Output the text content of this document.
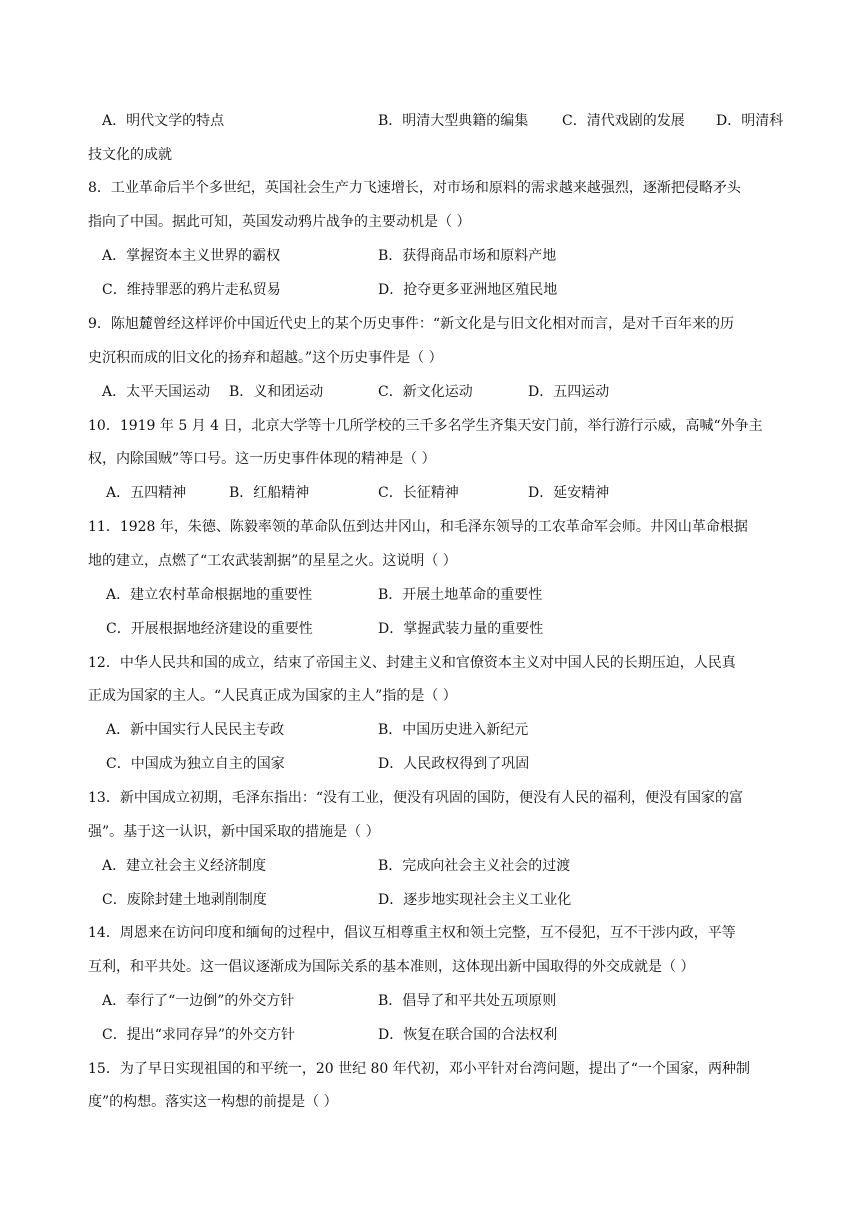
A．明代文学的特点	B．明清大型典籍的编集 C．清代戏剧的发展 D．明清科
技文化的成就
8．工业革命后半个多世纪，英国社会生产力飞速增长，对市场和原料的需求越来越强烈，逐渐把侵略矛头
指向了中国。据此可知，英国发动鸦片战争的主要动机是（ ）
A．掌握资本主义世界的霸权	B．获得商品市场和原料产地
C．维持罪恶的鸦片走私贸易	D．抢夺更多亚洲地区殖民地
9．陈旭麓曾经这样评价中国近代史上的某个历史事件：“新文化是与旧文化相对而言，是对千百年来的历
史沉积而成的旧文化的扬弃和超越。”这个历史事件是（ ）
A．太平天国运动 B．义和团运动	C．新文化运动	D．五四运动
10．1919 年 5 月 4 日，北京大学等十几所学校的三千多名学生齐集天安门前，举行游行示威，高喊“外争主
权，内除国贼”等口号。这一历史事件体现的精神是（ ）
A．五四精神	B．红船精神	C．长征精神	D．延安精神
11．1928 年，朱德、陈毅率领的革命队伍到达井冈山，和毛泽东领导的工农革命军会师。井冈山革命根据
地的建立，点燃了“工农武装割据”的星星之火。这说明（ ）
A．建立农村革命根据地的重要性	B．开展土地革命的重要性
C．开展根据地经济建设的重要性	D．掌握武装力量的重要性
12．中华人民共和国的成立，结束了帝国主义、封建主义和官僚资本主义对中国人民的长期压迫，人民真
正成为国家的主人。“人民真正成为国家的主人”指的是（ ）
A．新中国实行人民民主专政	B．中国历史进入新纪元
C．中国成为独立自主的国家	D．人民政权得到了巩固
13．新中国成立初期，毛泽东指出：“没有工业，便没有巩固的国防，便没有人民的福利，便没有国家的富
强”。基于这一认识，新中国采取的措施是（ ）
A．建立社会主义经济制度	B．完成向社会主义社会的过渡
C．废除封建土地剥削制度	D．逐步地实现社会主义工业化
14．周恩来在访问印度和缅甸的过程中，倡议互相尊重主权和领土完整，互不侵犯，互不干涉内政，平等
互利，和平共处。这一倡议逐渐成为国际关系的基本准则，这体现出新中国取得的外交成就是（ ）
A．奉行了“一边倒”的外交方针	B．倡导了和平共处五项原则
C．提出“求同存异”的外交方针	D．恢复在联合国的合法权利
15．为了早日实现祖国的和平统一，20 世纪 80 年代初，邓小平针对台湾问题，提出了“一个国家，两种制
度”的构想。落实这一构想的前提是（ ）
